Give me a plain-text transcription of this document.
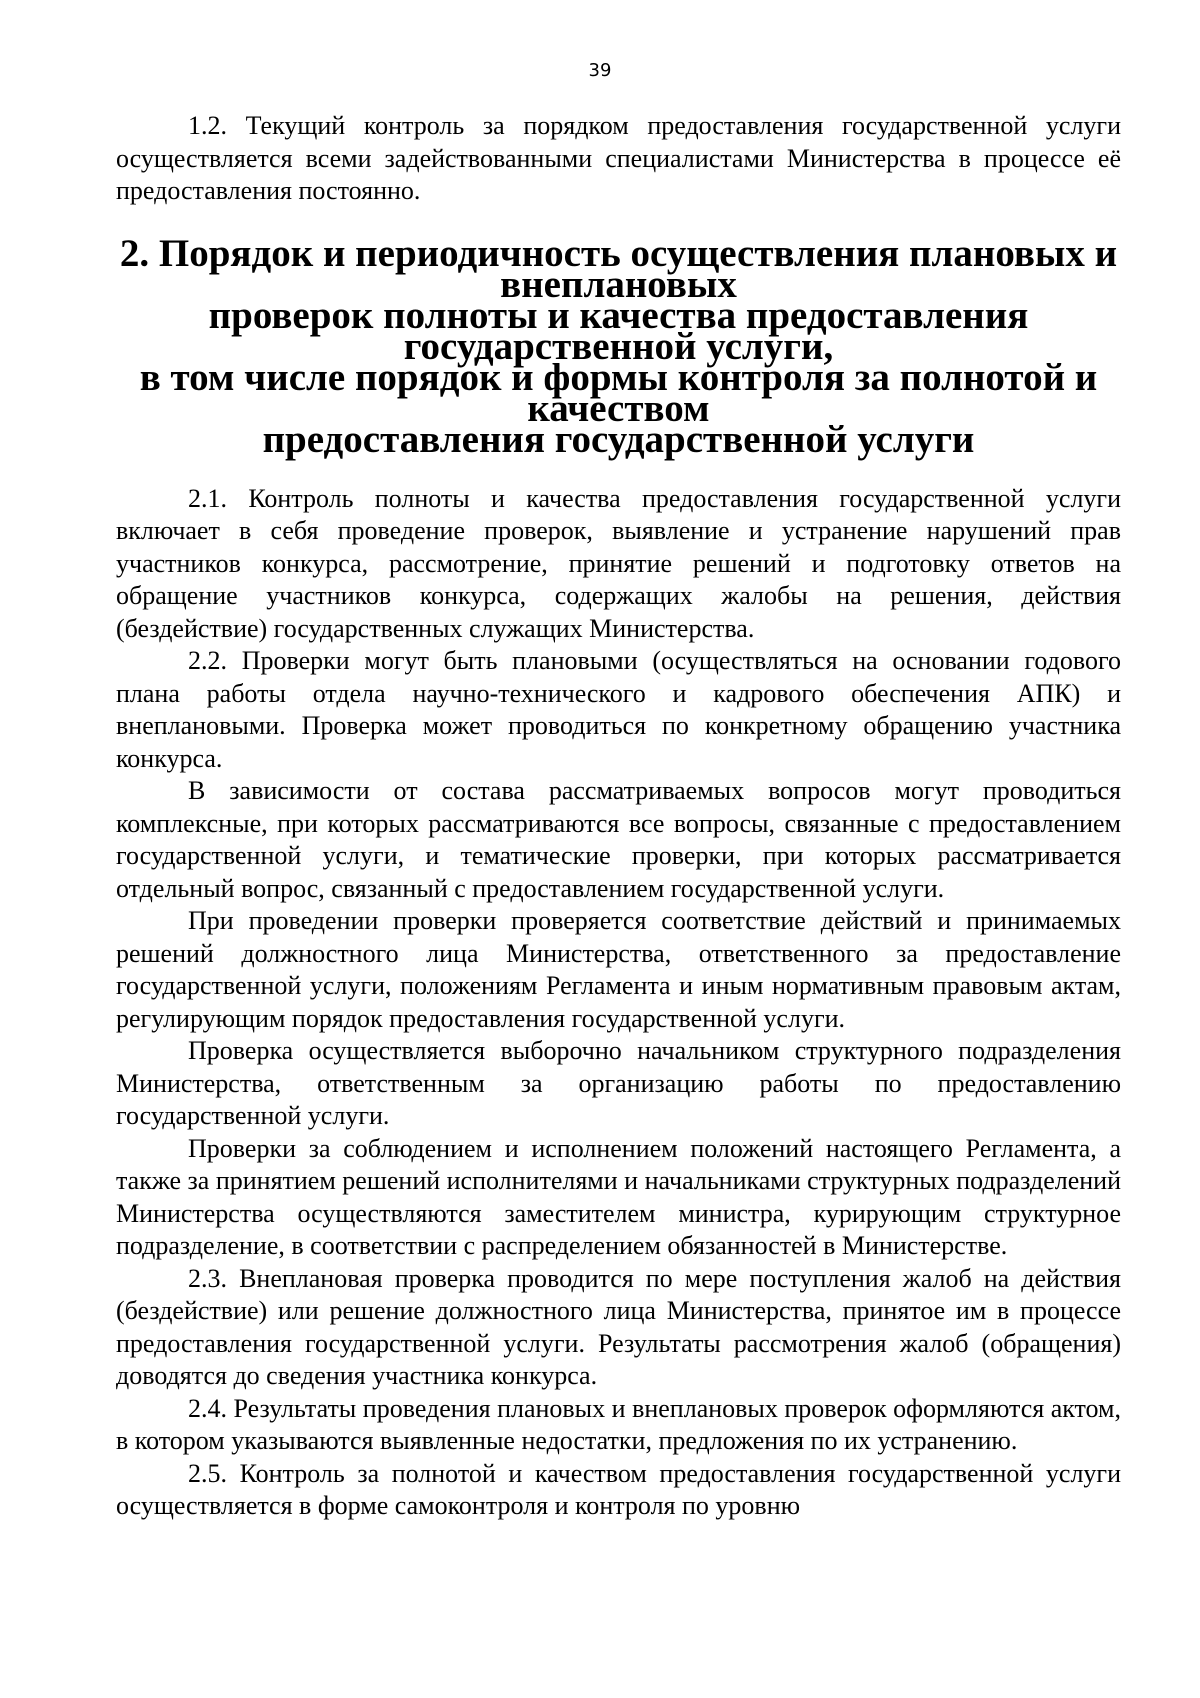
39

1.2. Текущий контроль за порядком предоставления государственной услуги осуществляется всеми задействованными специалистами Министерства в процессе её предоставления постоянно.

2. Порядок и периодичность осуществления плановых и внеплановых
проверок полноты и качества предоставления государственной услуги,
в том числе порядок и формы контроля за полнотой и качеством
предоставления государственной услуги

2.1. Контроль полноты и качества предоставления государственной услуги включает в себя проведение проверок, выявление и устранение нарушений прав участников конкурса, рассмотрение, принятие решений и подготовку ответов на обращение участников конкурса, содержащих жалобы на решения, действия (бездействие) государственных служащих Министерства.

2.2. Проверки могут быть плановыми (осуществляться на основании годового плана работы отдела научно-технического и кадрового обеспечения АПК) и внеплановыми. Проверка может проводиться по конкретному обращению участника конкурса.

В зависимости от состава рассматриваемых вопросов могут проводиться комплексные, при которых рассматриваются все вопросы, связанные с предоставлением государственной услуги, и тематические проверки, при которых рассматривается отдельный вопрос, связанный с предоставлением государственной услуги.

При проведении проверки проверяется соответствие действий и принимаемых решений должностного лица Министерства, ответственного за предоставление государственной услуги, положениям Регламента и иным нормативным правовым актам, регулирующим порядок предоставления государственной услуги.

Проверка осуществляется выборочно начальником структурного подразделения Министерства, ответственным за организацию работы по предоставлению государственной услуги.

Проверки за соблюдением и исполнением положений настоящего Регламента, а также за принятием решений исполнителями и начальниками структурных подразделений Министерства осуществляются заместителем министра, курирующим структурное подразделение, в соответствии с распределением обязанностей в Министерстве.

2.3. Внеплановая проверка проводится по мере поступления жалоб на действия (бездействие) или решение должностного лица Министерства, принятое им в процессе предоставления государственной услуги. Результаты рассмотрения жалоб (обращения) доводятся до сведения участника конкурса.

2.4. Результаты проведения плановых и внеплановых проверок оформляются актом, в котором указываются выявленные недостатки, предложения по их устранению.

2.5. Контроль за полнотой и качеством предоставления государственной услуги осуществляется в форме самоконтроля и контроля по уровню
